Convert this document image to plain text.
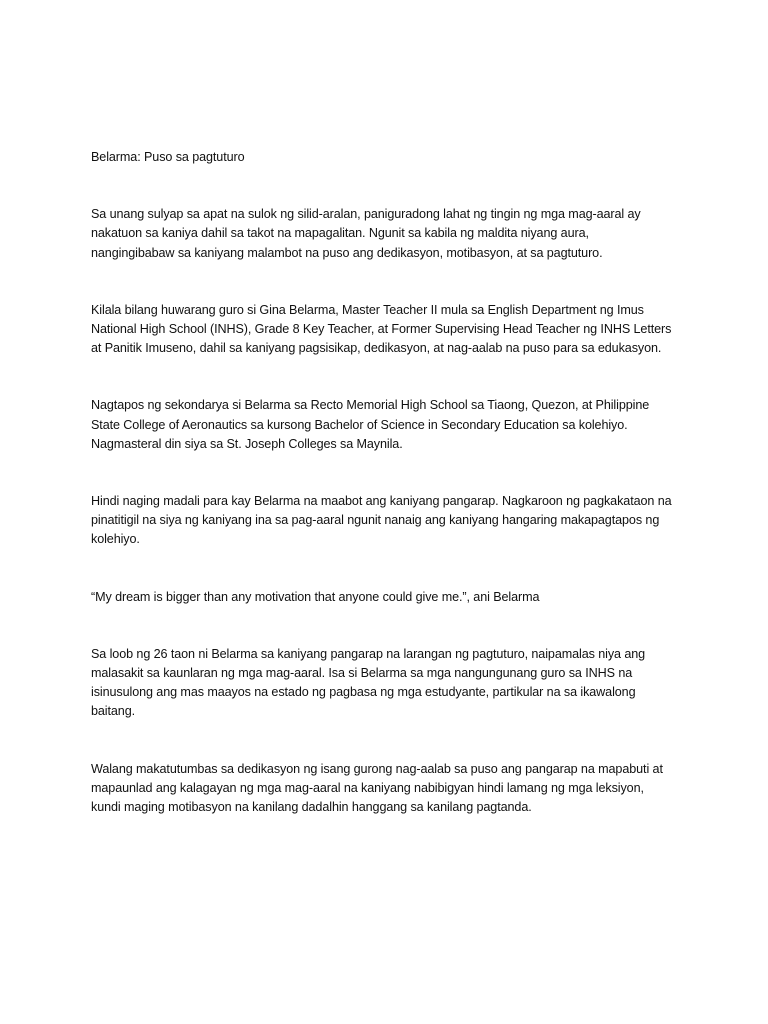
Belarma: Puso sa pagtuturo

Sa unang sulyap sa apat na sulok ng silid-aralan, paniguradong lahat ng tingin ng mga mag-aaral ay
nakatuon sa kaniya dahil sa takot na mapagalitan. Ngunit sa kabila ng maldita niyang aura,
nangingibabaw sa kaniyang malambot na puso ang dedikasyon, motibasyon, at sa pagtuturo.

Kilala bilang huwarang guro si Gina Belarma, Master Teacher II mula sa English Department ng Imus
National High School (INHS), Grade 8 Key Teacher, at Former Supervising Head Teacher ng INHS Letters
at Panitik Imuseno, dahil sa kaniyang pagsisikap, dedikasyon, at nag-aalab na puso para sa edukasyon.

Nagtapos ng sekondarya si Belarma sa Recto Memorial High School sa Tiaong, Quezon, at Philippine
State College of Aeronautics sa kursong Bachelor of Science in Secondary Education sa kolehiyo.
Nagmasteral din siya sa St. Joseph Colleges sa Maynila.

Hindi naging madali para kay Belarma na maabot ang kaniyang pangarap. Nagkaroon ng pagkakataon na
pinatitigil na siya ng kaniyang ina sa pag-aaral ngunit nanaig ang kaniyang hangaring makapagtapos ng
kolehiyo.

“My dream is bigger than any motivation that anyone could give me.”, ani Belarma

Sa loob ng 26 taon ni Belarma sa kaniyang pangarap na larangan ng pagtuturo, naipamalas niya ang
malasakit sa kaunlaran ng mga mag-aaral. Isa si Belarma sa mga nangungunang guro sa INHS na
isinusulong ang mas maayos na estado ng pagbasa ng mga estudyante, partikular na sa ikawalong
baitang.

Walang makatutumbas sa dedikasyon ng isang gurong nag-aalab sa puso ang pangarap na mapabuti at
mapaunlad ang kalagayan ng mga mag-aaral na kaniyang nabibigyan hindi lamang ng mga leksiyon,
kundi maging motibasyon na kanilang dadalhin hanggang sa kanilang pagtanda.
